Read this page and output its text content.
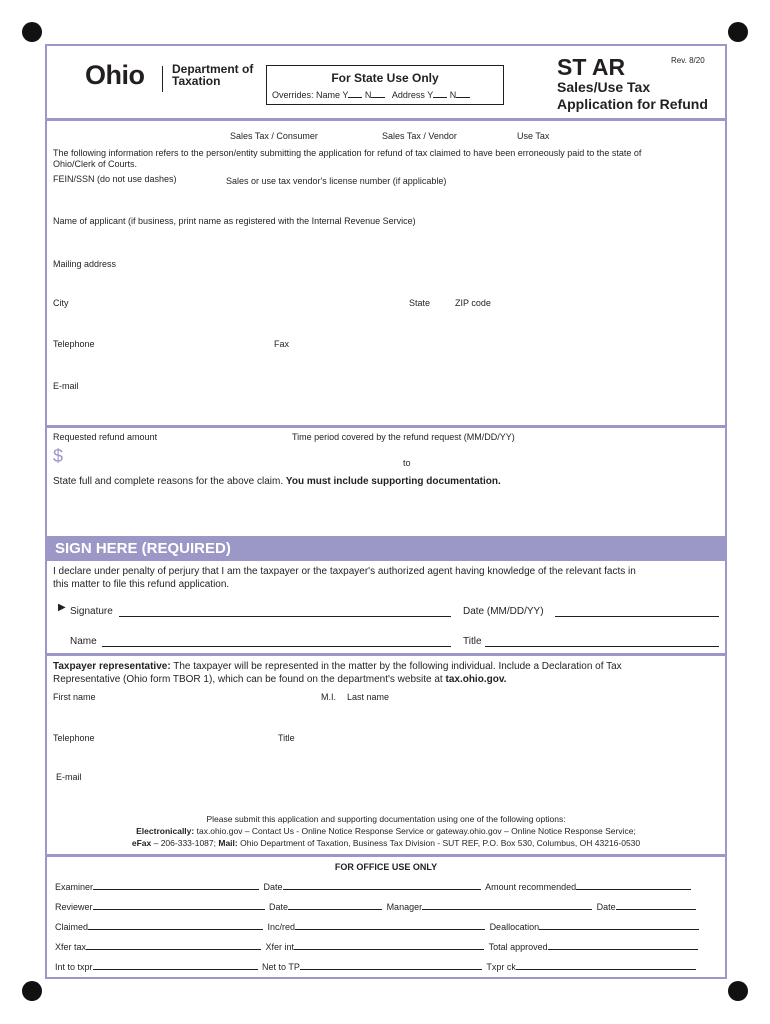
Ohio Department of
Taxation	For State Use Only
Overrides: Name Y N Address Y N
ST AR	Rev. 8/20
Sales/Use Tax
Application for Refund
Sales Tax / Consumer	Sales Tax / Vendor	Use Tax
The following information refers to the person/entity submitting the application for refund of tax claimed to have been erroneously paid to the state of
Ohio/Clerk of Courts.
FEIN/SSN (do not use dashes)	Sales or use tax vendor's license number (if applicable)
Name of applicant (if business, print name as registered with the Internal Revenue Service)
Mailing address
City	State	ZIP code
Telephone	Fax
E-mail
Requested refund amount	Time period covered by the refund request (MM/DD/YY)
$	to
State full and complete reasons for the above claim. You must include supporting documentation.
SIGN HERE (REQUIRED)
I declare under penalty of perjury that I am the taxpayer or the taxpayer's authorized agent having knowledge of the relevant facts in
this matter to file this refund application.
▶ Signature	Date (MM/DD/YY)
Name	Title
Taxpayer representative: The taxpayer will be represented in the matter by the following individual. Include a Declaration of Tax
Representative (Ohio form TBOR 1), which can be found on the department's website at tax.ohio.gov.
First name	M.I. Last name
Telephone	Title
E-mail
Please submit this application and supporting documentation using one of the following options:
Electronically: tax.ohio.gov – Contact Us - Online Notice Response Service or gateway.ohio.gov – Online Notice Response Service;
eFax – 206-333-1087; Mail: Ohio Department of Taxation, Business Tax Division - SUT REF, P.O. Box 530, Columbus, OH 43216-0530
FOR OFFICE USE ONLY
Examiner	Date	Amount recommended
Reviewer	Date	Manager	Date
Claimed	Inc/red	Deallocation
Xfer tax	Xfer int	Total approved
Int to txpr	Net to TP	Txpr ck
